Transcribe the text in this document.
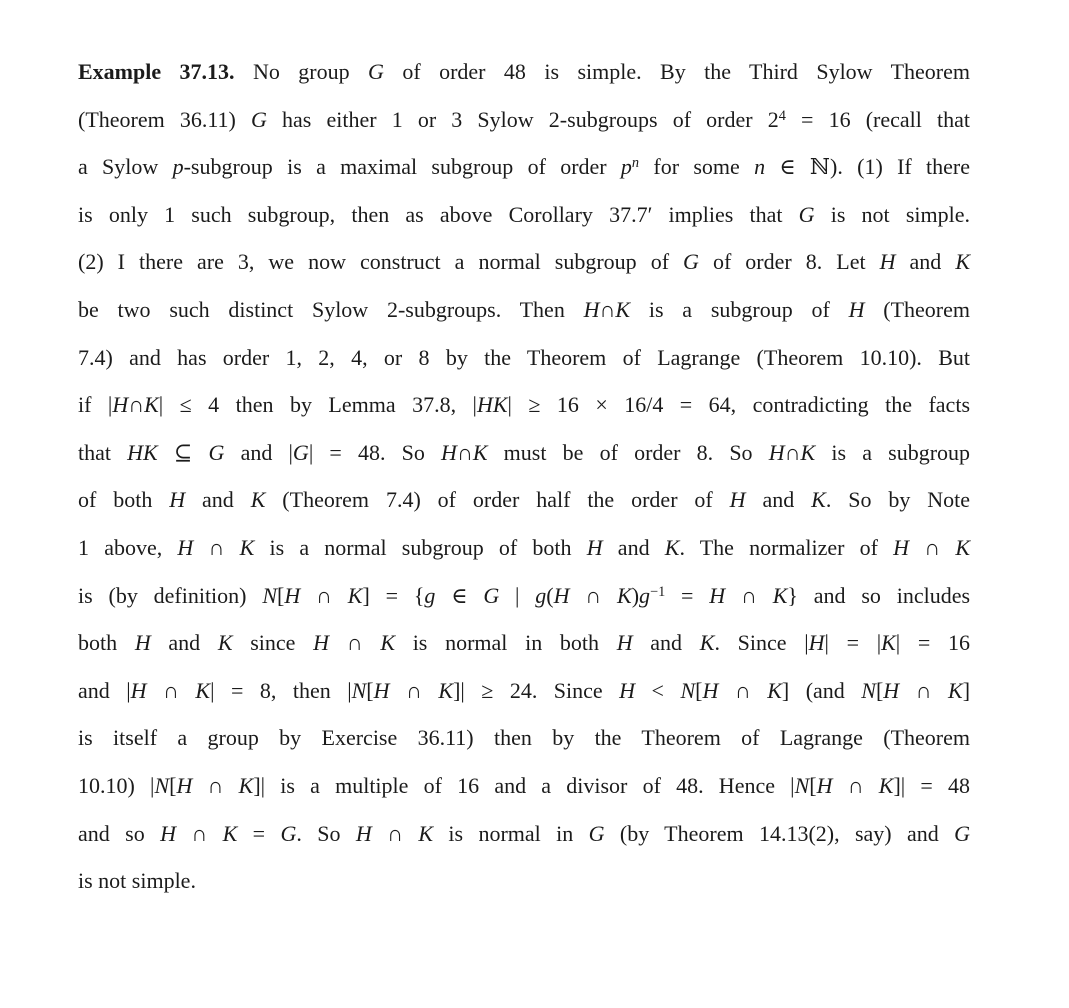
Example 37.13. No group G of order 48 is simple. By the Third Sylow Theorem
(Theorem 36.11) G has either 1 or 3 Sylow 2-subgroups of order $2^4 = 16$ (recall that
a Sylow p-subgroup is a maximal subgroup of order $p^n$ for some n ∈ ℕ). (1) If there
is only 1 such subgroup, then as above Corollary 37.7′ implies that G is not simple.
(2) I there are 3, we now construct a normal subgroup of G of order 8. Let H and K
be two such distinct Sylow 2-subgroups. Then H∩K is a subgroup of H (Theorem
7.4) and has order 1, 2, 4, or 8 by the Theorem of Lagrange (Theorem 10.10). But
if |H∩K| ≤ 4 then by Lemma 37.8, |HK| ≥ 16 × 16/4 = 64, contradicting the facts
that HK ⊆ G and |G| = 48. So H∩K must be of order 8. So H∩K is a subgroup
of both H and K (Theorem 7.4) of order half the order of H and K. So by Note
1 above, H ∩ K is a normal subgroup of both H and K. The normalizer of H ∩ K
is (by definition) N[H ∩ K] = {g ∈ G | g(H ∩ $K)g^{-1} = H$ ∩ K} and so includes
both H and K since H ∩ K is normal in both H and K. Since |H| = |K| = 16
and |H ∩ K| = 8, then |N[H ∩ K]| ≥ 24. Since H < N[H ∩ K] (and N[H ∩ K]
is itself a group by Exercise 36.11) then by the Theorem of Lagrange (Theorem
10.10) |N[H ∩ K]| is a multiple of 16 and a divisor of 48. Hence |N[H ∩ K]| = 48
and so H ∩ K = G. So H ∩ K is normal in G (by Theorem 14.13(2), say) and G
is not simple.
